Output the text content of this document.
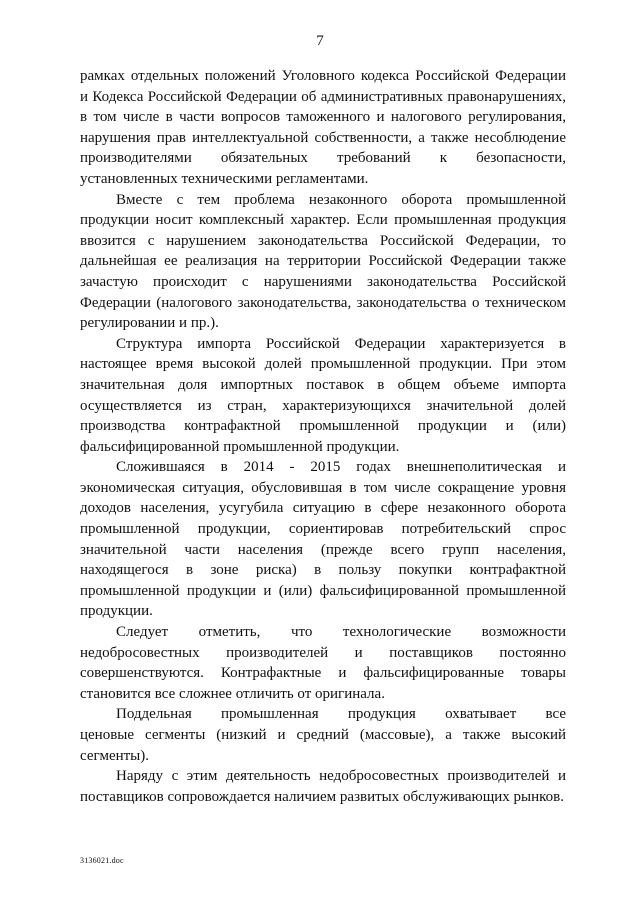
7
рамках отдельных положений Уголовного кодекса Российской Федерации
и Кодекса Российской Федерации об административных правонарушениях,
в том числе в части вопросов таможенного и налогового регулирования,
нарушения прав интеллектуальной собственности, а также несоблюдение
производителями обязательных требований к безопасности,
установленных техническими регламентами.
Вместе с тем проблема незаконного оборота промышленной
продукции носит комплексный характер. Если промышленная продукция
ввозится с нарушением законодательства Российской Федерации, то
дальнейшая ее реализация на территории Российской Федерации также
зачастую происходит с нарушениями законодательства Российской
Федерации (налогового законодательства, законодательства о техническом
регулировании и пр.).
Структура импорта Российской Федерации характеризуется в
настоящее время высокой долей промышленной продукции. При этом
значительная доля импортных поставок в общем объеме импорта
осуществляется из стран, характеризующихся значительной долей
производства контрафактной промышленной продукции и (или)
фальсифицированной промышленной продукции.
Сложившаяся в 2014 - 2015 годах внешнеполитическая и
экономическая ситуация, обусловившая в том числе сокращение уровня
доходов населения, усугубила ситуацию в сфере незаконного оборота
промышленной продукции, сориентировав потребительский спрос
значительной части населения (прежде всего групп населения,
находящегося в зоне риска) в пользу покупки контрафактной
промышленной продукции и (или) фальсифицированной промышленной
продукции.
Следует отметить, что технологические возможности
недобросовестных производителей и поставщиков постоянно
совершенствуются. Контрафактные и фальсифицированные товары
становится все сложнее отличить от оригинала.
Поддельная промышленная продукция охватывает все
ценовые сегменты (низкий и средний (массовые), а также высокий
сегменты).
Наряду с этим деятельность недобросовестных производителей и
поставщиков сопровождается наличием развитых обслуживающих рынков.
3136021.doc
